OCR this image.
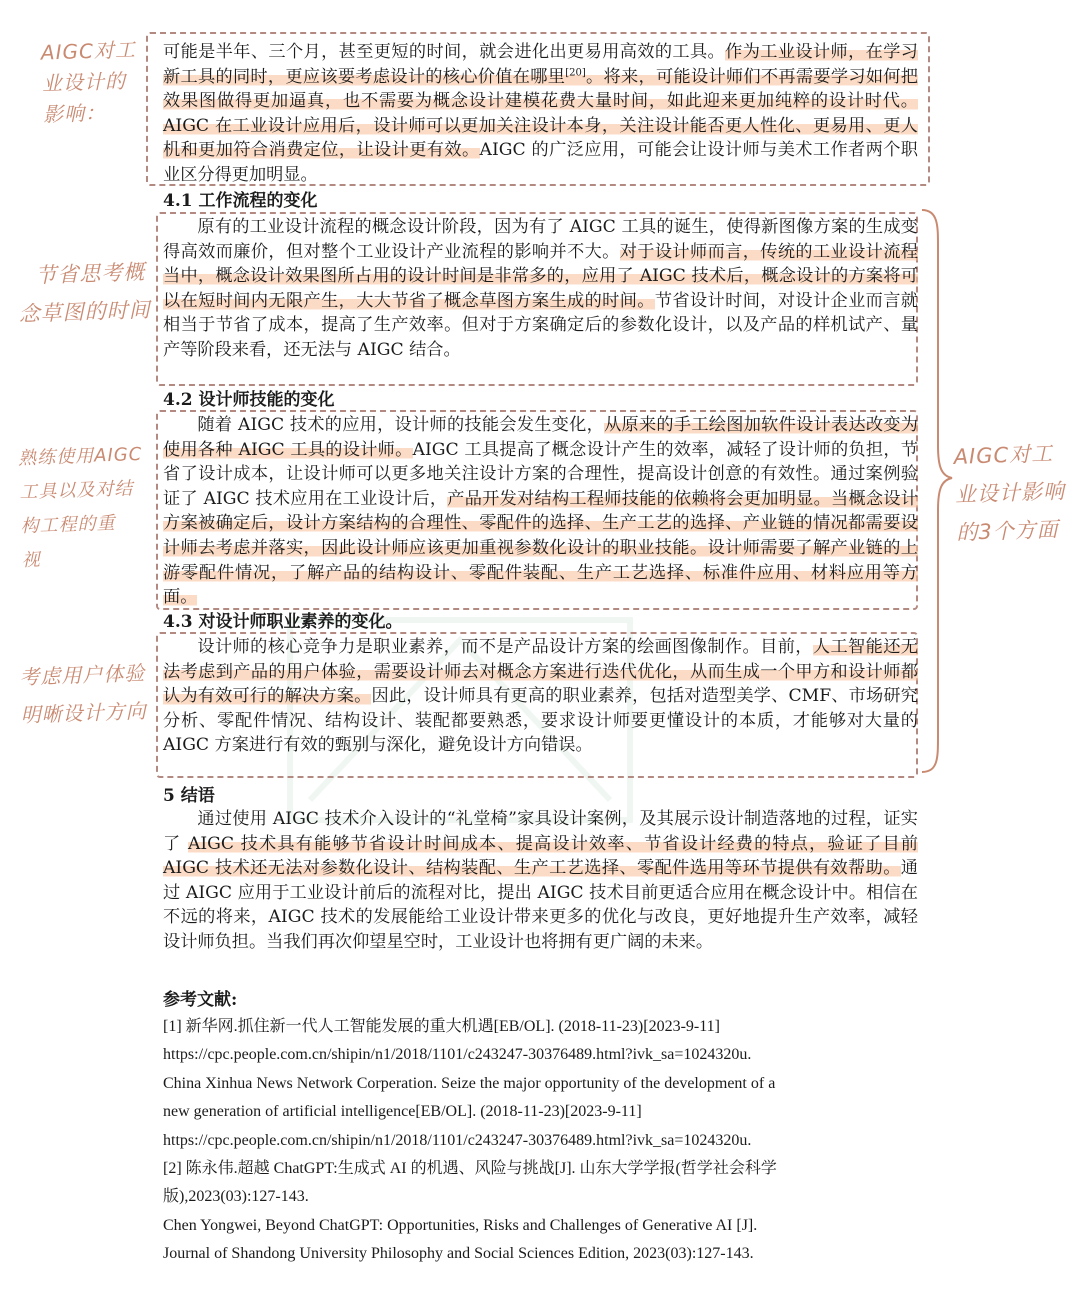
可能是半年、三个月，甚至更短的时间，就会进化出更易用高效的工具。作为工业设计师，在学习新工具的同时，更应该要考虑设计的核心价值在哪里[20]。将来，可能设计师们不再需要学习如何把效果图做得更加逼真，也不需要为概念设计建模花费大量时间，如此迎来更加纯粹的设计时代。AIGC 在工业设计应用后，设计师可以更加关注设计本身，关注设计能否更人性化、更易用、更人机和更加符合消费定位，让设计更有效。AIGC 的广泛应用，可能会让设计师与美术工作者两个职业区分得更加明显。

4.1 工作流程的变化

原有的工业设计流程的概念设计阶段，因为有了 AIGC 工具的诞生，使得新图像方案的生成变得高效而廉价，但对整个工业设计产业流程的影响并不大。对于设计师而言，传统的工业设计流程当中，概念设计效果图所占用的设计时间是非常多的，应用了 AIGC 技术后，概念设计的方案将可以在短时间内无限产生，大大节省了概念草图方案生成的时间。节省设计时间，对设计企业而言就相当于节省了成本，提高了生产效率。但对于方案确定后的参数化设计，以及产品的样机试产、量产等阶段来看，还无法与 AIGC 结合。

4.2 设计师技能的变化

随着 AIGC 技术的应用，设计师的技能会发生变化，从原来的手工绘图加软件设计表达改变为使用各种 AIGC 工具的设计师。AIGC 工具提高了概念设计产生的效率，减轻了设计师的负担，节省了设计成本，让设计师可以更多地关注设计方案的合理性，提高设计创意的有效性。通过案例验证了 AIGC 技术应用在工业设计后，产品开发对结构工程师技能的依赖将会更加明显。当概念设计方案被确定后，设计方案结构的合理性、零配件的选择、生产工艺的选择、产业链的情况都需要设计师去考虑并落实，因此设计师应该更加重视参数化设计的职业技能。设计师需要了解产业链的上游零配件情况，了解产品的结构设计、零配件装配、生产工艺选择、标准件应用、材料应用等方面。

4.3 对设计师职业素养的变化。

设计师的核心竞争力是职业素养，而不是产品设计方案的绘画图像制作。目前，人工智能还无法考虑到产品的用户体验，需要设计师去对概念方案进行迭代优化，从而生成一个甲方和设计师都认为有效可行的解决方案。因此，设计师具有更高的职业素养，包括对造型美学、CMF、市场研究分析、零配件情况、结构设计、装配都要熟悉，要求设计师要更懂设计的本质，才能够对大量的 AIGC 方案进行有效的甄别与深化，避免设计方向错误。

5 结语

通过使用 AIGC 技术介入设计的“礼堂椅”家具设计案例，及其展示设计制造落地的过程，证实了 AIGC 技术具有能够节省设计时间成本、提高设计效率、节省设计经费的特点，验证了目前 AIGC 技术还无法对参数化设计、结构装配、生产工艺选择、零配件选用等环节提供有效帮助。通过 AIGC 应用于工业设计前后的流程对比，提出 AIGC 技术目前更适合应用在概念设计中。相信在不远的将来，AIGC 技术的发展能给工业设计带来更多的优化与改良，更好地提升生产效率，减轻设计师负担。当我们再次仰望星空时，工业设计也将拥有更广阔的未来。

参考文献:
[1] 新华网.抓住新一代人工智能发展的重大机遇[EB/OL]. (2018-11-23)[2023-9-11]
https://cpc.people.com.cn/shipin/n1/2018/1101/c243247-30376489.html?ivk_sa=1024320u.
China Xinhua News Network Corperation. Seize the major opportunity of the development of a
new generation of artificial intelligence[EB/OL]. (2018-11-23)[2023-9-11]
https://cpc.people.com.cn/shipin/n1/2018/1101/c243247-30376489.html?ivk_sa=1024320u.
[2] 陈永伟.超越 ChatGPT:生成式 AI 的机遇、风险与挑战[J]. 山东大学学报(哲学社会科学
版),2023(03):127-143.
Chen Yongwei, Beyond ChatGPT: Opportunities, Risks and Challenges of Generative AI [J].
Journal of Shandong University Philosophy and Social Sciences Edition, 2023(03):127-143.
AIGC对工
业设计的
影响：
节省思考概
念草图的时间
熟练使用AIGC
工具以及对结
构工程的重
视
考虑用户体验
明晰设计方向
AIGC对工
业设计影响
的3个方面
